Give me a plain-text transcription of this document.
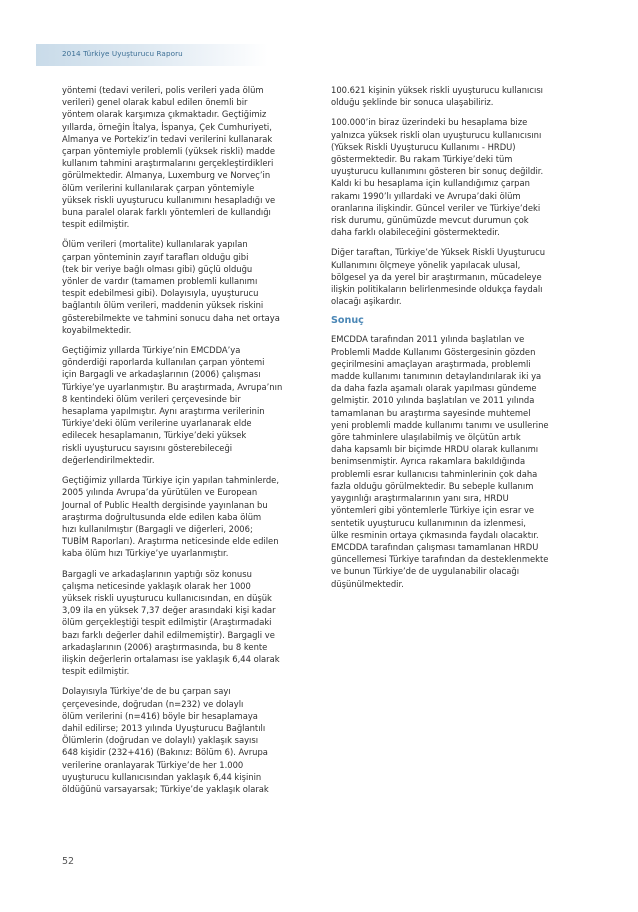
2014 Türkiye Uyuşturucu Raporu

yöntemi (tedavi verileri, polis verileri yada ölüm
verileri) genel olarak kabul edilen önemli bir
yöntem olarak karşımıza çıkmaktadır. Geçtiğimiz
yıllarda, örneğin İtalya, İspanya, Çek Cumhuriyeti,
Almanya ve Portekiz’in tedavi verilerini kullanarak
çarpan yöntemiyle problemli (yüksek riskli) madde
kullanım tahmini araştırmalarını gerçekleştirdikleri
görülmektedir. Almanya, Luxemburg ve Norveç’in
ölüm verilerini kullanılarak çarpan yöntemiyle
yüksek riskli uyuşturucu kullanımını hesapladığı ve
buna paralel olarak farklı yöntemleri de kullandığı
tespit edilmiştir.

Ölüm verileri (mortalite) kullanılarak yapılan
çarpan yönteminin zayıf tarafları olduğu gibi
(tek bir veriye bağlı olması gibi) güçlü olduğu
yönler de vardır (tamamen problemli kullanımı
tespit edebilmesi gibi). Dolayısıyla, uyuşturucu
bağlantılı ölüm verileri, maddenin yüksek riskini
gösterebilmekte ve tahmini sonucu daha net ortaya
koyabilmektedir.

Geçtiğimiz yıllarda Türkiye’nin EMCDDA’ya
gönderdiği raporlarda kullanılan çarpan yöntemi
için Bargagli ve arkadaşlarının (2006) çalışması
Türkiye’ye uyarlanmıştır. Bu araştırmada, Avrupa’nın
8 kentindeki ölüm verileri çerçevesinde bir
hesaplama yapılmıştır. Aynı araştırma verilerinin
Türkiye’deki ölüm verilerine uyarlanarak elde
edilecek hesaplamanın, Türkiye’deki yüksek
riskli uyuşturucu sayısını gösterebileceği
değerlendirilmektedir.

Geçtiğimiz yıllarda Türkiye için yapılan tahminlerde,
2005 yılında Avrupa’da yürütülen ve European
Journal of Public Health dergisinde yayınlanan bu
araştırma doğrultusunda elde edilen kaba ölüm
hızı kullanılmıştır (Bargagli ve diğerleri, 2006;
TUBİM Raporları). Araştırma neticesinde elde edilen
kaba ölüm hızı Türkiye’ye uyarlanmıştır.

Bargagli ve arkadaşlarının yaptığı söz konusu
çalışma neticesinde yaklaşık olarak her 1000
yüksek riskli uyuşturucu kullanıcısından, en düşük
3,09 ila en yüksek 7,37 değer arasındaki kişi kadar
ölüm gerçekleştiği tespit edilmiştir (Araştırmadaki
bazı farklı değerler dahil edilmemiştir). Bargagli ve
arkadaşlarının (2006) araştırmasında, bu 8 kente
ilişkin değerlerin ortalaması ise yaklaşık 6,44 olarak
tespit edilmiştir.

Dolayısıyla Türkiye’de de bu çarpan sayı
çerçevesinde, doğrudan (n=232) ve dolaylı
ölüm verilerini (n=416) böyle bir hesaplamaya
dahil edilirse; 2013 yılında Uyuşturucu Bağlantılı
Ölümlerin (doğrudan ve dolaylı) yaklaşık sayısı
648 kişidir (232+416) (Bakınız: Bölüm 6). Avrupa
verilerine oranlayarak Türkiye’de her 1.000
uyuşturucu kullanıcısından yaklaşık 6,44 kişinin
öldüğünü varsayarsak; Türkiye’de yaklaşık olarak

100.621 kişinin yüksek riskli uyuşturucu kullanıcısı
olduğu şeklinde bir sonuca ulaşabiliriz.

100.000’in biraz üzerindeki bu hesaplama bize
yalnızca yüksek riskli olan uyuşturucu kullanıcısını
(Yüksek Riskli Uyuşturucu Kullanımı - HRDU)
göstermektedir. Bu rakam Türkiye’deki tüm
uyuşturucu kullanımını gösteren bir sonuç değildir.
Kaldı ki bu hesaplama için kullandığımız çarpan
rakamı 1990’lı yıllardaki ve Avrupa’daki ölüm
oranlarına ilişkindir. Güncel veriler ve Türkiye’deki
risk durumu, günümüzde mevcut durumun çok
daha farklı olabileceğini göstermektedir.

Diğer taraftan, Türkiye’de Yüksek Riskli Uyuşturucu
Kullanımını ölçmeye yönelik yapılacak ulusal,
bölgesel ya da yerel bir araştırmanın, mücadeleye
ilişkin politikaların belirlenmesinde oldukça faydalı
olacağı aşikardır.

Sonuç

EMCDDA tarafından 2011 yılında başlatılan ve
Problemli Madde Kullanımı Göstergesinin gözden
geçirilmesini amaçlayan araştırmada, problemli
madde kullanımı tanımının detaylandırılarak iki ya
da daha fazla aşamalı olarak yapılması gündeme
gelmiştir. 2010 yılında başlatılan ve 2011 yılında
tamamlanan bu araştırma sayesinde muhtemel
yeni problemli madde kullanımı tanımı ve usullerine
göre tahminlere ulaşılabilmiş ve ölçütün artık
daha kapsamlı bir biçimde HRDU olarak kullanımı
benimsenmiştir. Ayrıca rakamlara bakıldığında
problemli esrar kullanıcısı tahminlerinin çok daha
fazla olduğu görülmektedir. Bu sebeple kullanım
yaygınlığı araştırmalarının yanı sıra, HRDU
yöntemleri gibi yöntemlerle Türkiye için esrar ve
sentetik uyuşturucu kullanımının da izlenmesi,
ülke resminin ortaya çıkmasında faydalı olacaktır.
EMCDDA tarafından çalışması tamamlanan HRDU
güncellemesi Türkiye tarafından da desteklenmekte
ve bunun Türkiye’de de uygulanabilir olacağı
düşünülmektedir.

52
